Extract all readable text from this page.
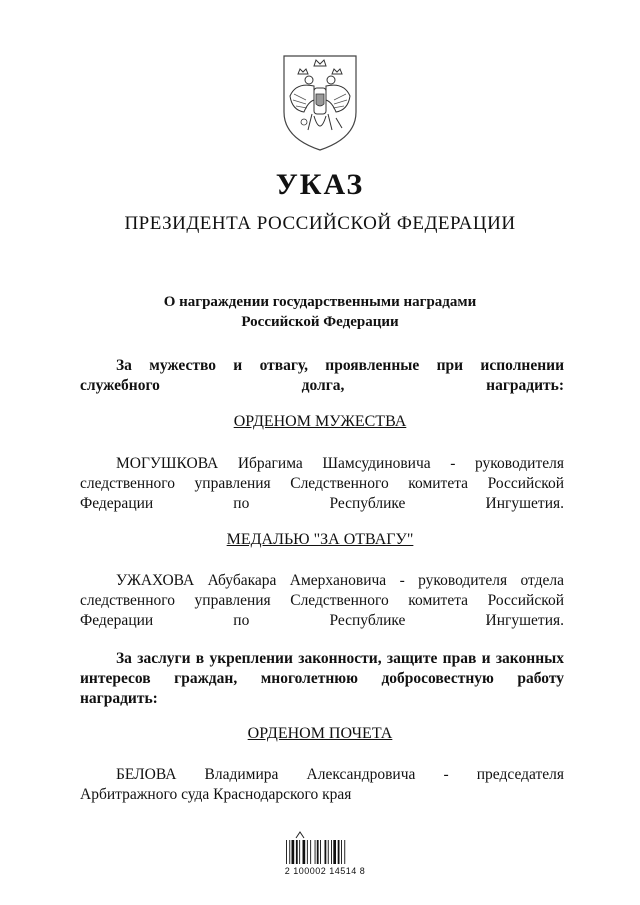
УКАЗ
ПРЕЗИДЕНТА РОССИЙСКОЙ ФЕДЕРАЦИИ
О награждении государственными наградами
Российской Федерации
За мужество и отвагу, проявленные при исполнении служебного долга, наградить:
ОРДЕНОМ МУЖЕСТВА
МОГУШКОВА Ибрагима Шамсудиновича - руководителя следственного управления Следственного комитета Российской Федерации по Республике Ингушетия.
МЕДАЛЬЮ "ЗА ОТВАГУ"
УЖАХОВА Абубакара Амерхановича - руководителя отдела следственного управления Следственного комитета Российской Федерации по Республике Ингушетия.
За заслуги в укреплении законности, защите прав и законных интересов граждан, многолетнюю добросовестную работу наградить:
ОРДЕНОМ ПОЧЕТА
БЕЛОВА Владимира Александровича - председателя Арбитражного суда Краснодарского края
2 100002 14514 8
